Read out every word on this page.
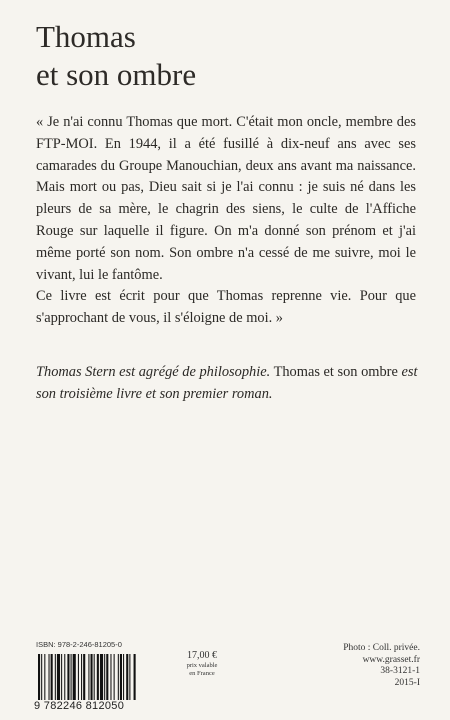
Thomas
et son ombre

« Je n'ai connu Thomas que mort. C'était mon oncle, membre des FTP-MOI. En 1944, il a été fusillé à dix-neuf ans avec ses camarades du Groupe Manouchian, deux ans avant ma naissance. Mais mort ou pas, Dieu sait si je l'ai connu : je suis né dans les pleurs de sa mère, le chagrin des siens, le culte de l'Affiche Rouge sur laquelle il figure. On m'a donné son prénom et j'ai même porté son nom. Son ombre n'a cessé de me suivre, moi le vivant, lui le fantôme.

Ce livre est écrit pour que Thomas reprenne vie. Pour que s'approchant de vous, il s'éloigne de moi. »

Thomas Stern est agrégé de philosophie. Thomas et son ombre est son troisième livre et son premier roman.
ISBN: 978-2-246-81205-0
9 782246 812050
17,00 €
prix valable
en France
Photo : Coll. privée.
www.grasset.fr
38-3121-1
2015-I
